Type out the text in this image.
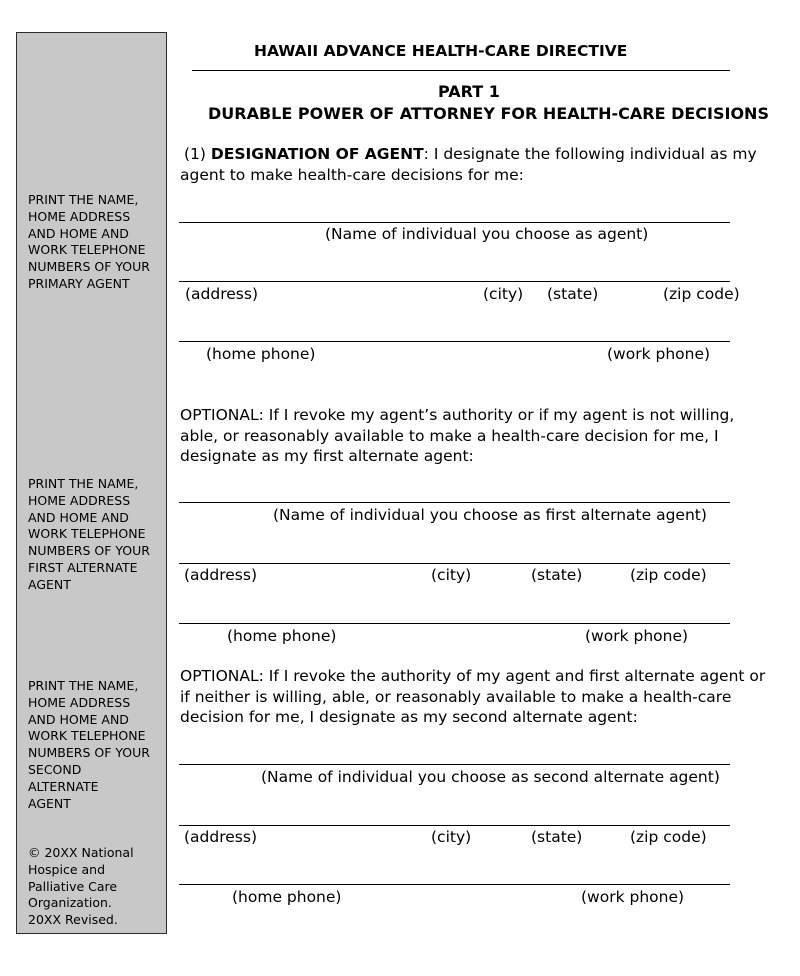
PRINT THE NAME,
HOME ADDRESS
AND HOME AND
WORK TELEPHONE
NUMBERS OF YOUR
PRIMARY AGENT
PRINT THE NAME,
HOME ADDRESS
AND HOME AND
WORK TELEPHONE
NUMBERS OF YOUR
FIRST ALTERNATE
AGENT
PRINT THE NAME,
HOME ADDRESS
AND HOME AND
WORK TELEPHONE
NUMBERS OF YOUR
SECOND
ALTERNATE
AGENT
© 20XX National
Hospice and
Palliative Care
Organization.
20XX Revised.
HAWAII ADVANCE HEALTH-CARE DIRECTIVE
PART 1
DURABLE POWER OF ATTORNEY FOR HEALTH-CARE DECISIONS
(1) DESIGNATION OF AGENT: I designate the following individual as my
agent to make health-care decisions for me:
(Name of individual you choose as agent)
(address)	(city) (state)	(zip code)
(home phone)	(work phone)
OPTIONAL: If I revoke my agent’s authority or if my agent is not willing, able, or reasonably available to make a health-care decision for me, I designate as my first alternate agent:
(Name of individual you choose as first alternate agent)
(address)	(city)	(state)	(zip code)
(home phone)	(work phone)
OPTIONAL: If I revoke the authority of my agent and first alternate agent or if neither is willing, able, or reasonably available to make a health-care decision for me, I designate as my second alternate agent:
(Name of individual you choose as second alternate agent)
(address)	(city)	(state)	(zip code)
(home phone)	(work phone)
